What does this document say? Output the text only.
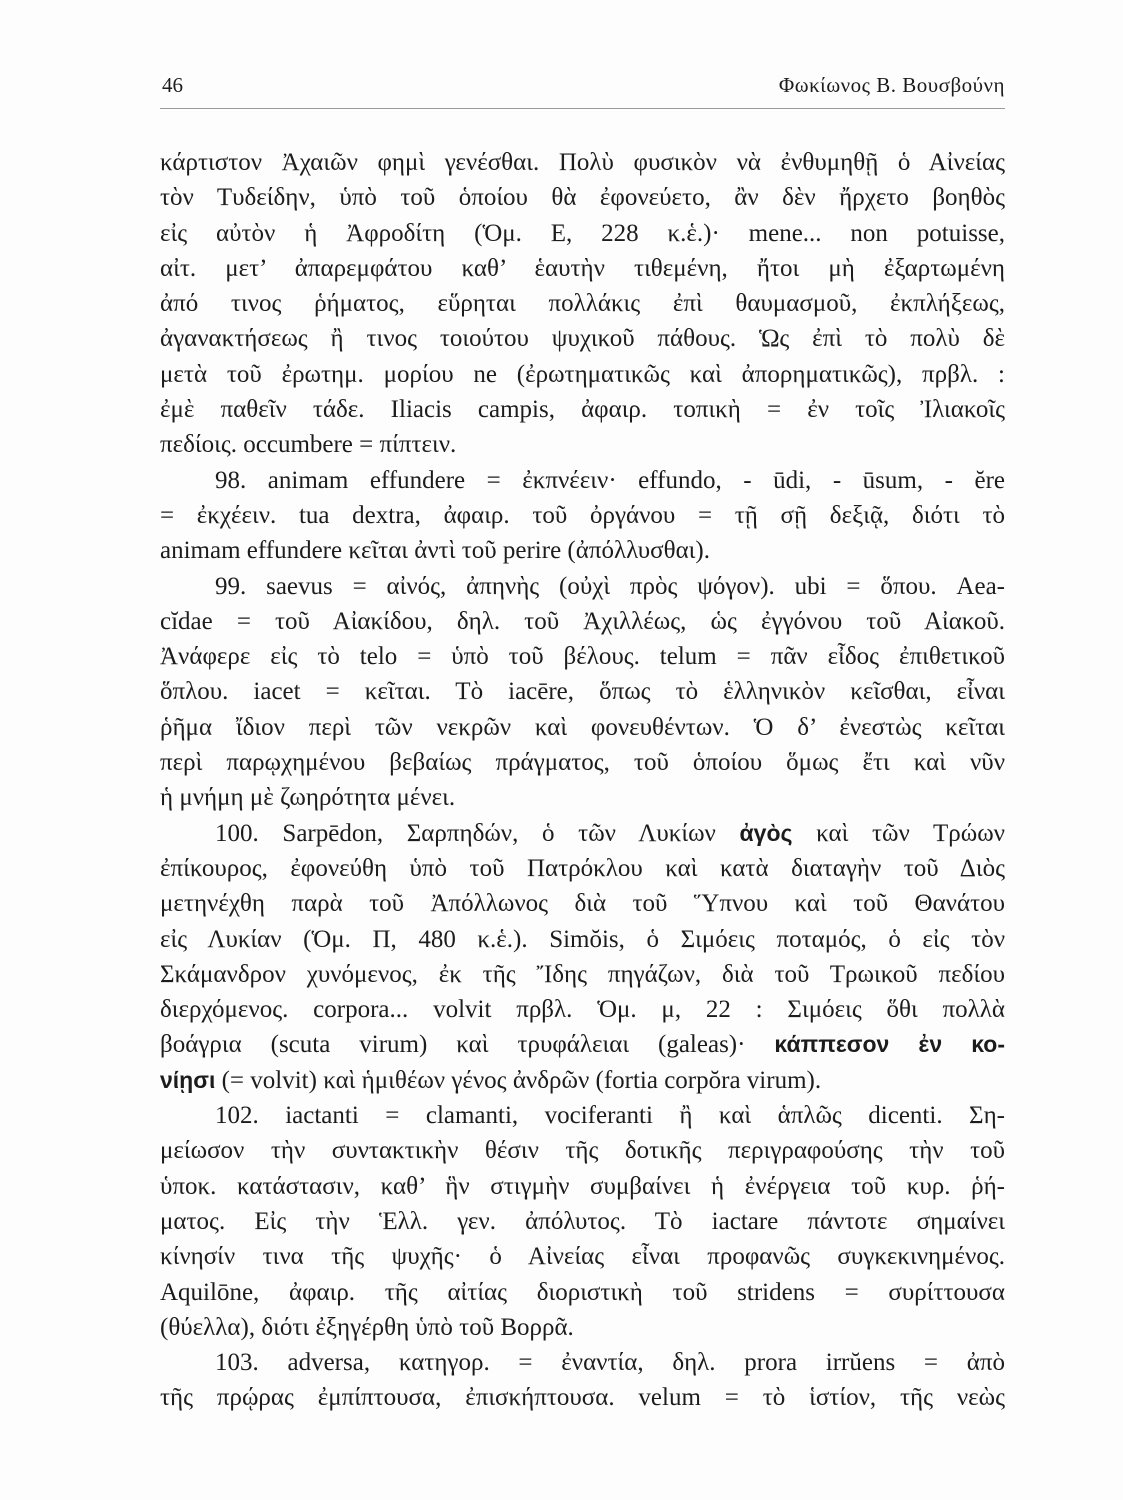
46	Φωκίωνος Β. Βουσβούνη
κάρτιστον Ἀχαιῶν φημὶ γενέσθαι. Πολὺ φυσικὸν νὰ ἐνθυμηθῇ ὁ Αἰνείας
τὸν Τυδείδην, ὑπὸ τοῦ ὁποίου θὰ ἐφονεύετο, ἂν δὲν ἤρχετο βοηθὸς
εἰς αὐτὸν ἡ Ἀφροδίτη (Ὁμ. Ε, 228 κ.ἑ.)· mene... non potuisse,
αἰτ. μετ’ ἀπαρεμφάτου καθ’ ἑαυτὴν τιθεμένη, ἤτοι μὴ ἐξαρτωμένη
ἀπό τινος ῥήματος, εὕρηται πολλάκις ἐπὶ θαυμασμοῦ, ἐκπλήξεως,
ἀγανακτήσεως ἢ τινος τοιούτου ψυχικοῦ πάθους. Ὡς ἐπὶ τὸ πολὺ δὲ
μετὰ τοῦ ἐρωτημ. μορίου ne (ἐρωτηματικῶς καὶ ἀπορηματικῶς), πρβλ. :
ἐμὲ παθεῖν τάδε. Iliacis campis, ἀφαιρ. τοπικὴ = ἐν τοῖς Ἰλιακοῖς
πεδίοις. occumbere = πίπτειν.
98. animam effundere = ἐκπνέειν· effundo, - ūdi, - ūsum, - ĕre
= ἐκχέειν. tua dextra, ἀφαιρ. τοῦ ὀργάνου = τῇ σῇ δεξιᾷ, διότι τὸ
animam effundere κεῖται ἀντὶ τοῦ perire (ἀπόλλυσθαι).
99. saevus = αἰνός, ἀπηνὴς (οὐχὶ πρὸς ψόγον). ubi = ὅπου. Aea-
cĭdae = τοῦ Αἰακίδου, δηλ. τοῦ Ἀχιλλέως, ὡς ἐγγόνου τοῦ Αἰακοῦ.
Ἀνάφερε εἰς τὸ telo = ὑπὸ τοῦ βέλους. telum = πᾶν εἶδος ἐπιθετικοῦ
ὅπλου. iacet = κεῖται. Τὸ iacēre, ὅπως τὸ ἑλληνικὸν κεῖσθαι, εἶναι
ῥῆμα ἴδιον περὶ τῶν νεκρῶν καὶ φονευθέντων. Ὁ δ’ ἐνεστὼς κεῖται
περὶ παρῳχημένου βεβαίως πράγματος, τοῦ ὁποίου ὅμως ἔτι καὶ νῦν
ἡ μνήμη μὲ ζωηρότητα μένει.
100. Sarpēdon, Σαρπηδών, ὁ τῶν Λυκίων ἀγὸς καὶ τῶν Τρώων
ἐπίκουρος, ἐφονεύθη ὑπὸ τοῦ Πατρόκλου καὶ κατὰ διαταγὴν τοῦ Διὸς
μετηνέχθη παρὰ τοῦ Ἀπόλλωνος διὰ τοῦ Ὕπνου καὶ τοῦ Θανάτου
εἰς Λυκίαν (Ὁμ. Π, 480 κ.ἑ.). Simŏis, ὁ Σιμόεις ποταμός, ὁ εἰς τὸν
Σκάμανδρον χυνόμενος, ἐκ τῆς Ἴδης πηγάζων, διὰ τοῦ Τρωικοῦ πεδίου
διερχόμενος. corpora... volvit πρβλ. Ὁμ. μ, 22 : Σιμόεις ὅθι πολλὰ
βοάγρια (scuta virum) καὶ τρυφάλειαι (galeas)· κάππεσον ἐν κο-
νίῃσι (= volvit) καὶ ἡμιθέων γένος ἀνδρῶν (fortia corpŏra virum).
102. iactanti = clamanti, vociferanti ἢ καὶ ἁπλῶς dicenti. Ση-
μείωσον τὴν συντακτικὴν θέσιν τῆς δοτικῆς περιγραφούσης τὴν τοῦ
ὑποκ. κατάστασιν, καθ’ ἣν στιγμὴν συμβαίνει ἡ ἐνέργεια τοῦ κυρ. ῥή-
ματος. Εἰς τὴν Ἑλλ. γεν. ἀπόλυτος. Τὸ iactare πάντοτε σημαίνει
κίνησίν τινα τῆς ψυχῆς· ὁ Αἰνείας εἶναι προφανῶς συγκεκινημένος.
Aquilōne, ἀφαιρ. τῆς αἰτίας διοριστικὴ τοῦ stridens = συρίττουσα
(θύελλα), διότι ἐξηγέρθη ὑπὸ τοῦ Βορρᾶ.
103. adversa, κατηγορ. = ἐναντία, δηλ. prora irrŭens = ἀπὸ
τῆς πρῴρας ἐμπίπτουσα, ἐπισκήπτουσα. velum = τὸ ἱστίον, τῆς νεὼς
